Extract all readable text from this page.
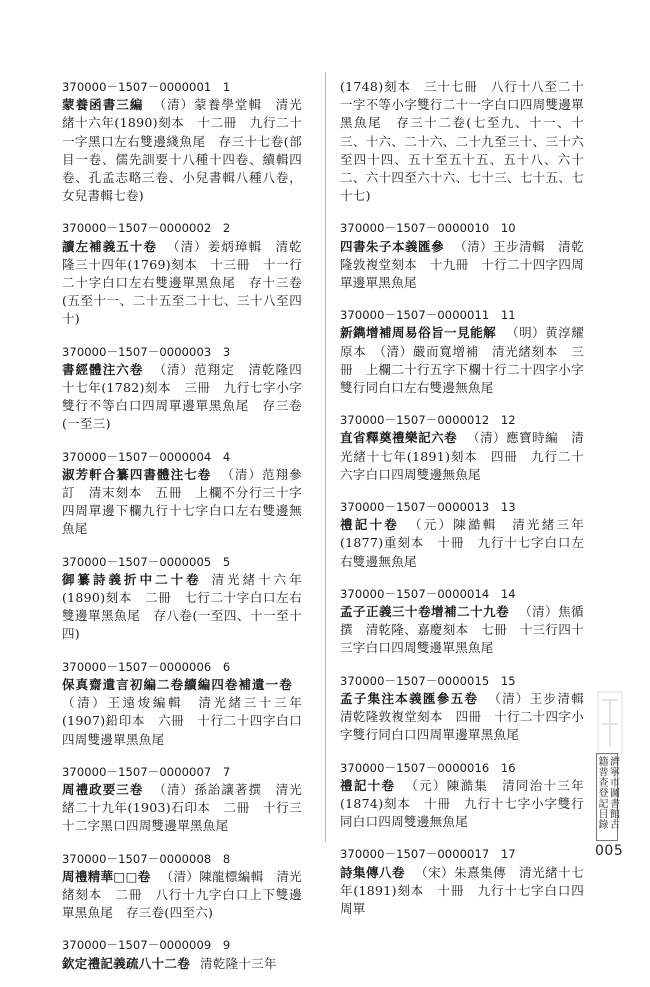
370000－1507－0000001　1
蒙養函書三編 （清）蒙養學堂輯　清光緒十六年(1890)刻本　十二冊　九行二十一字黑口左右雙邊綫魚尾　存三十七卷(部目一卷、儒先訓要十八種十四卷、續輯四卷、孔孟志略三卷、小兒書輯八種八卷，女兒書輯七卷)
370000－1507－0000002　2
讀左補義五十卷 （清）姜炳璋輯　清乾隆三十四年(1769)刻本　十三冊　十一行二十字白口左右雙邊單黑魚尾　存十三卷(五至十一、二十五至二十七、三十八至四十)
370000－1507－0000003　3
書經體注六卷 （清）范翔定　清乾隆四十七年(1782)刻本　三冊　九行七字小字雙行不等白口四周單邊單黑魚尾　存三卷(一至三)
370000－1507－0000004　4
淑芳軒合纂四書體注七卷 （清）范翔參訂　清末刻本　五冊　上欄不分行三十字四周單邊下欄九行十七字白口左右雙邊無魚尾
370000－1507－0000005　5
御纂詩義折中二十卷 清光緒十六年(1890)刻本　二冊　七行二十字白口左右雙邊單黑魚尾　存八卷(一至四、十一至十四)
370000－1507－0000006　6
保真齋遺言初編二卷續編四卷補遺一卷（清）王遠焌編輯　清光緒三十三年(1907)鉛印本　六冊　十行二十四字白口四周雙邊單黑魚尾
370000－1507－0000007　7
周禮政要三卷 （清）孫詒讓著撰　清光緒二十九年(1903)石印本　二冊　十行三十二字黑口四周雙邊單黑魚尾
370000－1507－0000008　8
周禮精華□□卷 （清）陳龍標編輯　清光緒刻本　二冊　八行十九字白口上下雙邊單黑魚尾　存三卷(四至六)
370000－1507－0000009　9
欽定禮記義疏八十二卷 清乾隆十三年
(1748)刻本　三十七冊　八行十八至二十一字不等小字雙行二十一字白口四周雙邊單黑魚尾　存三十二卷(七至九、十一、十三、十六、二十六、二十九至三十、三十六至四十四、五十至五十五、五十八、六十二、六十四至六十六、七十三、七十五、七十七)
370000－1507－0000010　10
四書朱子本義匯參 （清）王步清輯　清乾隆敦複堂刻本　十九冊　十行二十四字四周單邊單黑魚尾
370000－1507－0000011　11
新鐫增補周易俗旨一見能解 （明）黄淳耀原本　（清）嚴而寬增補　清光緒刻本　三冊　上欄二十行五字下欄十行二十四字小字雙行同白口左右雙邊無魚尾
370000－1507－0000012　12
直省釋奠禮樂記六卷 （清）應寶時編　清光緒十七年(1891)刻本　四冊　九行二十六字白口四周雙邊無魚尾
370000－1507－0000013　13
禮記十卷 （元）陳澔輯　清光緒三年(1877)重刻本　十冊　九行十七字白口左右雙邊無魚尾
370000－1507－0000014　14
孟子正義三十卷增補二十九卷 （清）焦循撰　清乾隆、嘉慶刻本　七冊　十三行四十三字白口四周雙邊單黑魚尾
370000－1507－0000015　15
孟子集注本義匯參五卷 （清）王步清輯　清乾隆敦複堂刻本　四冊　十行二十四字小字雙行同白口四周單邊單黑魚尾
370000－1507－0000016　16
禮記十卷 （元）陳澔集　清同治十三年(1874)刻本　十冊　九行十七字小字雙行同白口四周雙邊無魚尾
370000－1507－0000017　17
詩集傳八卷 （宋）朱熹集傳　清光緒十七年(1891)刻本　十冊　九行十七字白口四周單
濟寧市圖書館古籍普查登記目錄
005
